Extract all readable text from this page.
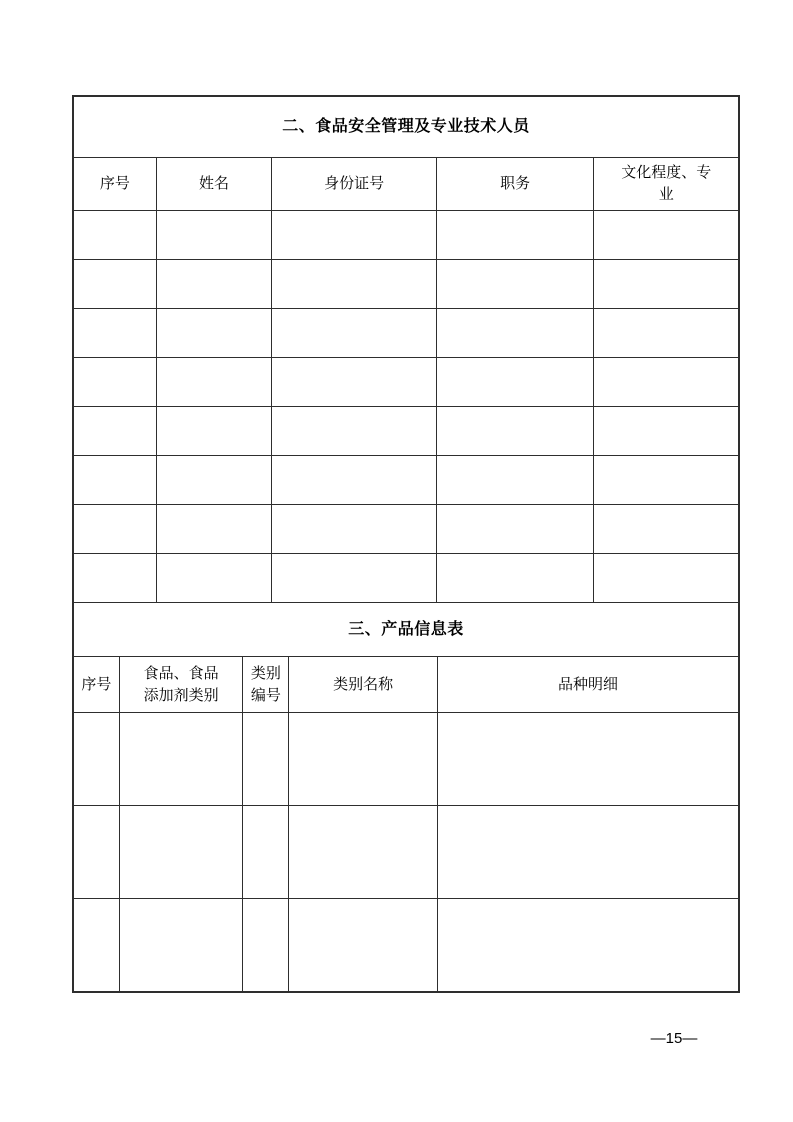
二、食品安全管理及专业技术人员				
序号	姓名	身份证号	职务	文化程度、专业

三、产品信息表				
序号	食品、食品添加剂类别	类别编号	类别名称	品种明细

—15—
